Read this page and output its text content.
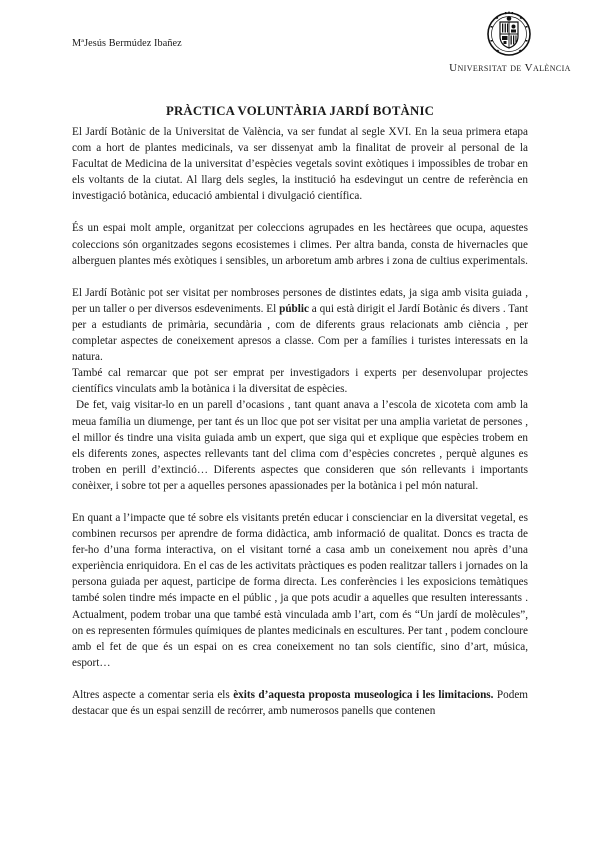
MªJesús Bermúdez Ibañez
Universitat de València
PRÀCTICA VOLUNTÀRIA JARDÍ BOTÀNIC

El Jardí Botànic de la Universitat de València, va ser fundat al segle XVI. En la seua primera etapa com a hort de plantes medicinals, va ser dissenyat amb la finalitat de proveir al personal de la Facultat de Medicina de la universitat d’espècies vegetals sovint exòtiques i impossibles de trobar en els voltants de la ciutat. Al llarg dels segles, la institució ha esdevingut un centre de referència en investigació botànica, educació ambiental i divulgació científica.

És un espai molt ample, organitzat per coleccions agrupades en les hectàrees que ocupa, aquestes coleccions són organitzades segons ecosistemes i climes. Per altra banda, consta de hivernacles que alberguen plantes més exòtiques i sensibles, un arboretum amb arbres i zona de cultius experimentals.

El Jardí Botànic pot ser visitat per nombroses persones de distintes edats, ja siga amb visita guiada , per un taller o per diversos esdeveniments. El públic a qui està dirigit el Jardí Botànic és divers . Tant per a estudiants de primària, secundària , com de diferents graus relacionats amb ciència , per completar aspectes de coneixement apresos a classe. Com per a famílies i turistes interessats en la natura.

També cal remarcar que pot ser emprat per investigadors i experts per desenvolupar projectes científics vinculats amb la botànica i la diversitat de espècies.

De fet, vaig visitar-lo en un parell d’ocasions , tant quant anava a l’escola de xicoteta com amb la meua família un diumenge, per tant és un lloc que pot ser visitat per una amplia varietat de persones , el millor és tindre una visita guiada amb un expert, que siga qui et explique que espècies trobem en els diferents zones, aspectes rellevants tant del clima com d’espècies concretes , perquè algunes es troben en perill d’extinció… Diferents aspectes que consideren que són rellevants i importants conèixer, i sobre tot per a aquelles persones apassionades per la botànica i pel món natural.

En quant a l’impacte que té sobre els visitants pretén educar i conscienciar en la diversitat vegetal, es combinen recursos per aprendre de forma didàctica, amb informació de qualitat. Doncs es tracta de fer-ho d’una forma interactiva, on el visitant torné a casa amb un coneixement nou après d’una experiència enriquidora. En el cas de les activitats pràctiques es poden realitzar tallers i jornades on la persona guiada per aquest, participe de forma directa. Les conferències i les exposicions temàtiques també solen tindre més impacte en el públic , ja que pots acudir a aquelles que resulten interessants . Actualment, podem trobar una que també està vinculada amb l’art, com és “Un jardí de molècules”, on es representen fórmules químiques de plantes medicinals en escultures. Per tant , podem concloure amb el fet de que és un espai on es crea coneixement no tan sols científic, sino d’art, música, esport…

Altres aspecte a comentar seria els èxits d’aquesta proposta museologica i les limitacions. Podem destacar que és un espai senzill de recórrer, amb numerosos panells que contenen
